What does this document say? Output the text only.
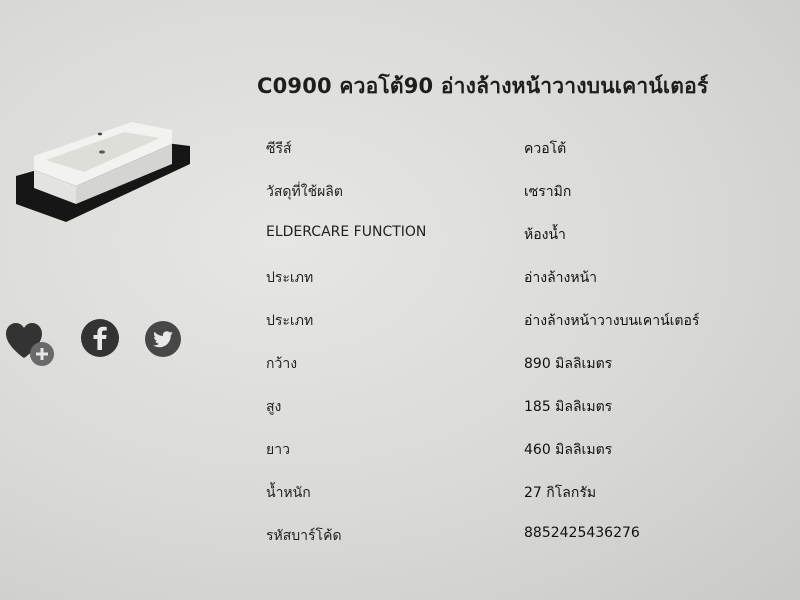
C0900 ควอโต้90 อ่างล้างหน้าวางบนเคาน์เตอร์
ซีรีส์	ควอโต้
วัสดุที่ใช้ผลิต	เซรามิก
ELDERCARE FUNCTION	ห้องน้ำ
ประเภท	อ่างล้างหน้า
ประเภท	อ่างล้างหน้าวางบนเคาน์เตอร์
กว้าง	890 มิลลิเมตร
สูง	185 มิลลิเมตร
ยาว	460 มิลลิเมตร
น้ำหนัก	27 กิโลกรัม
รหัสบาร์โค้ด	8852425436276
